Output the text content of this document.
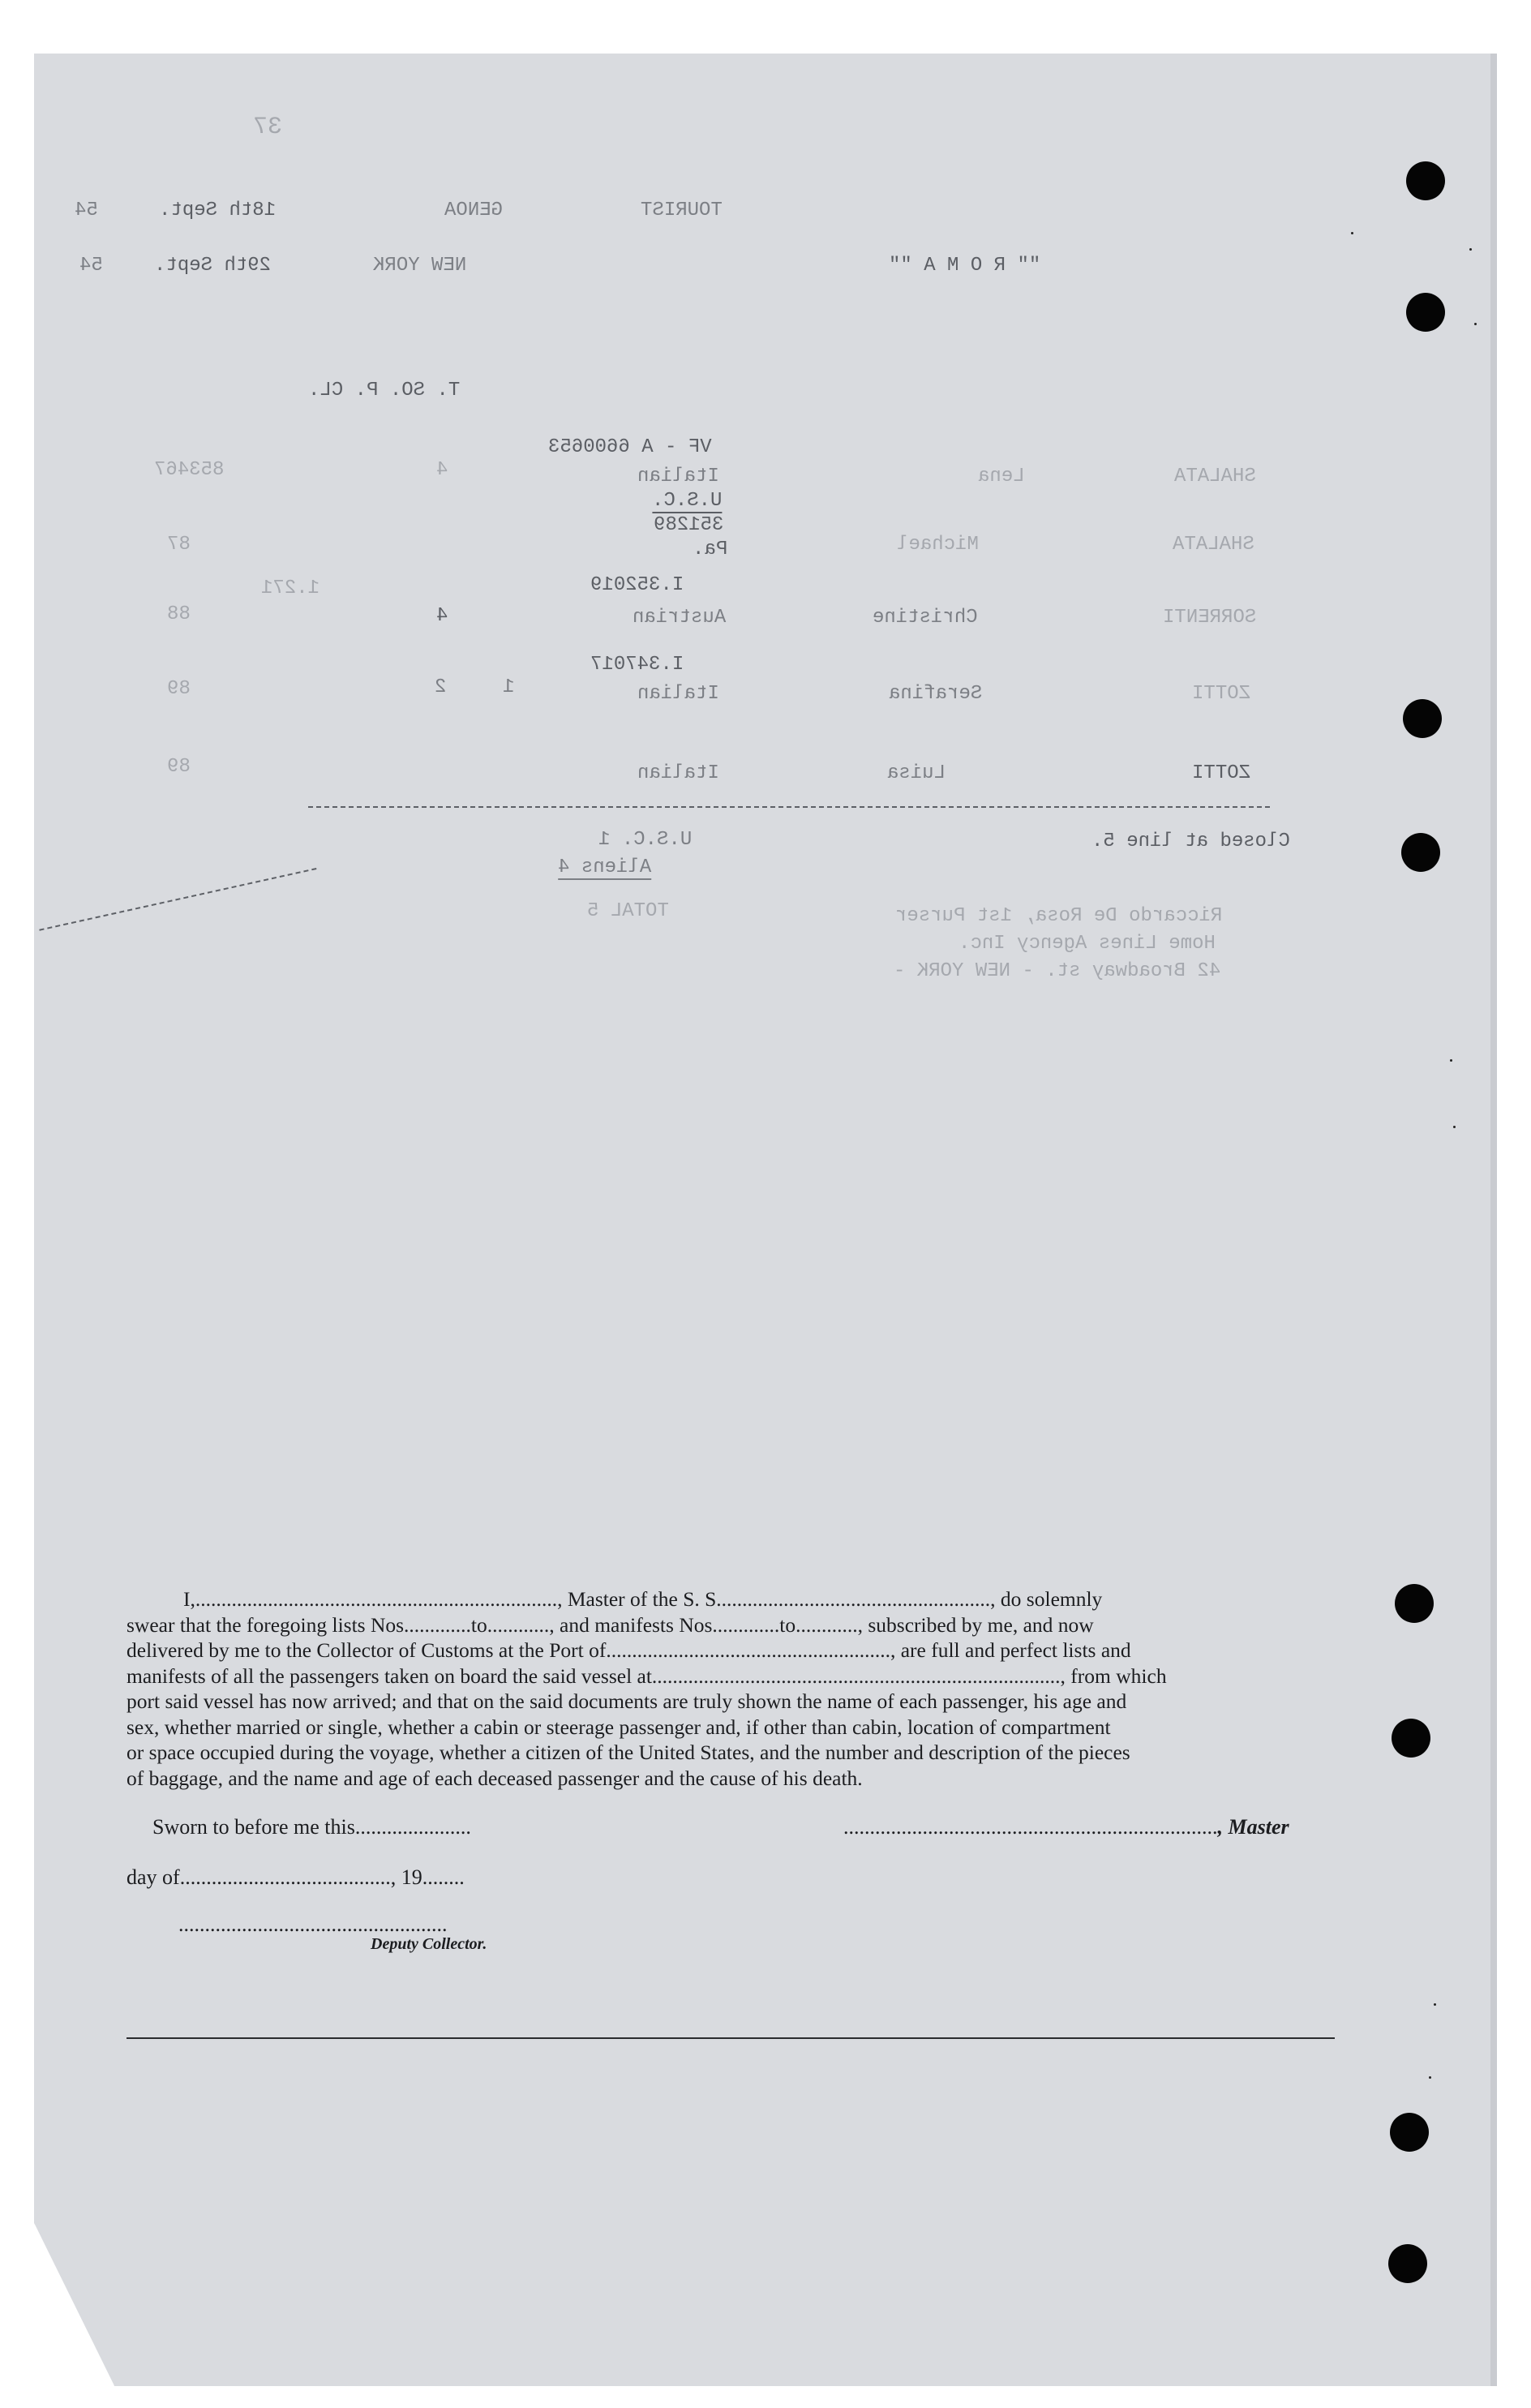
37
TOURIST
GENOA
18th Sept.
54
"" R O M A ""
NEW YORK
29th Sept.
54
T. SO. P. CL.
VF - A 6600653
SHALATA
Lena
Italian
4
853467
U.S.C.
351289
SHALATA
Michael
Pa.
87
I.352019
SORRENTI
Christine
Austrian
4
1.271
88
I.347017
ZOTTI
Serafina
Italian
1
2
89
ZOTTI
Luisa
Italian
89
Closed at line 5.
U.S.C. 1
Aliens 4
TOTAL 5	Riccardo De Rosa, 1st Purser
Home Lines Agency Inc.
42 Broadway st. - NEW YORK -
I,......................................................................, Master of the S. S....................................................., do solemnly
swear that the foregoing lists Nos.............to............, and manifests Nos.............to............, subscribed by me, and now
delivered by me to the Collector of Customs at the Port of......................................................., are full and perfect lists and
manifests of all the passengers taken on board the said vessel at..............................................................................., from which
port said vessel has now arrived; and that on the said documents are truly shown the name of each passenger, his age and
sex, whether married or single, whether a cabin or steerage passenger and, if other than cabin, location of compartment
or space occupied during the voyage, whether a citizen of the United States, and the number and description of the pieces
of baggage, and the name and age of each deceased passenger and the cause of his death.
Sworn to before me this......................	......................................................................., Master
day of........................................, 19........
...................................................
Deputy Collector.
